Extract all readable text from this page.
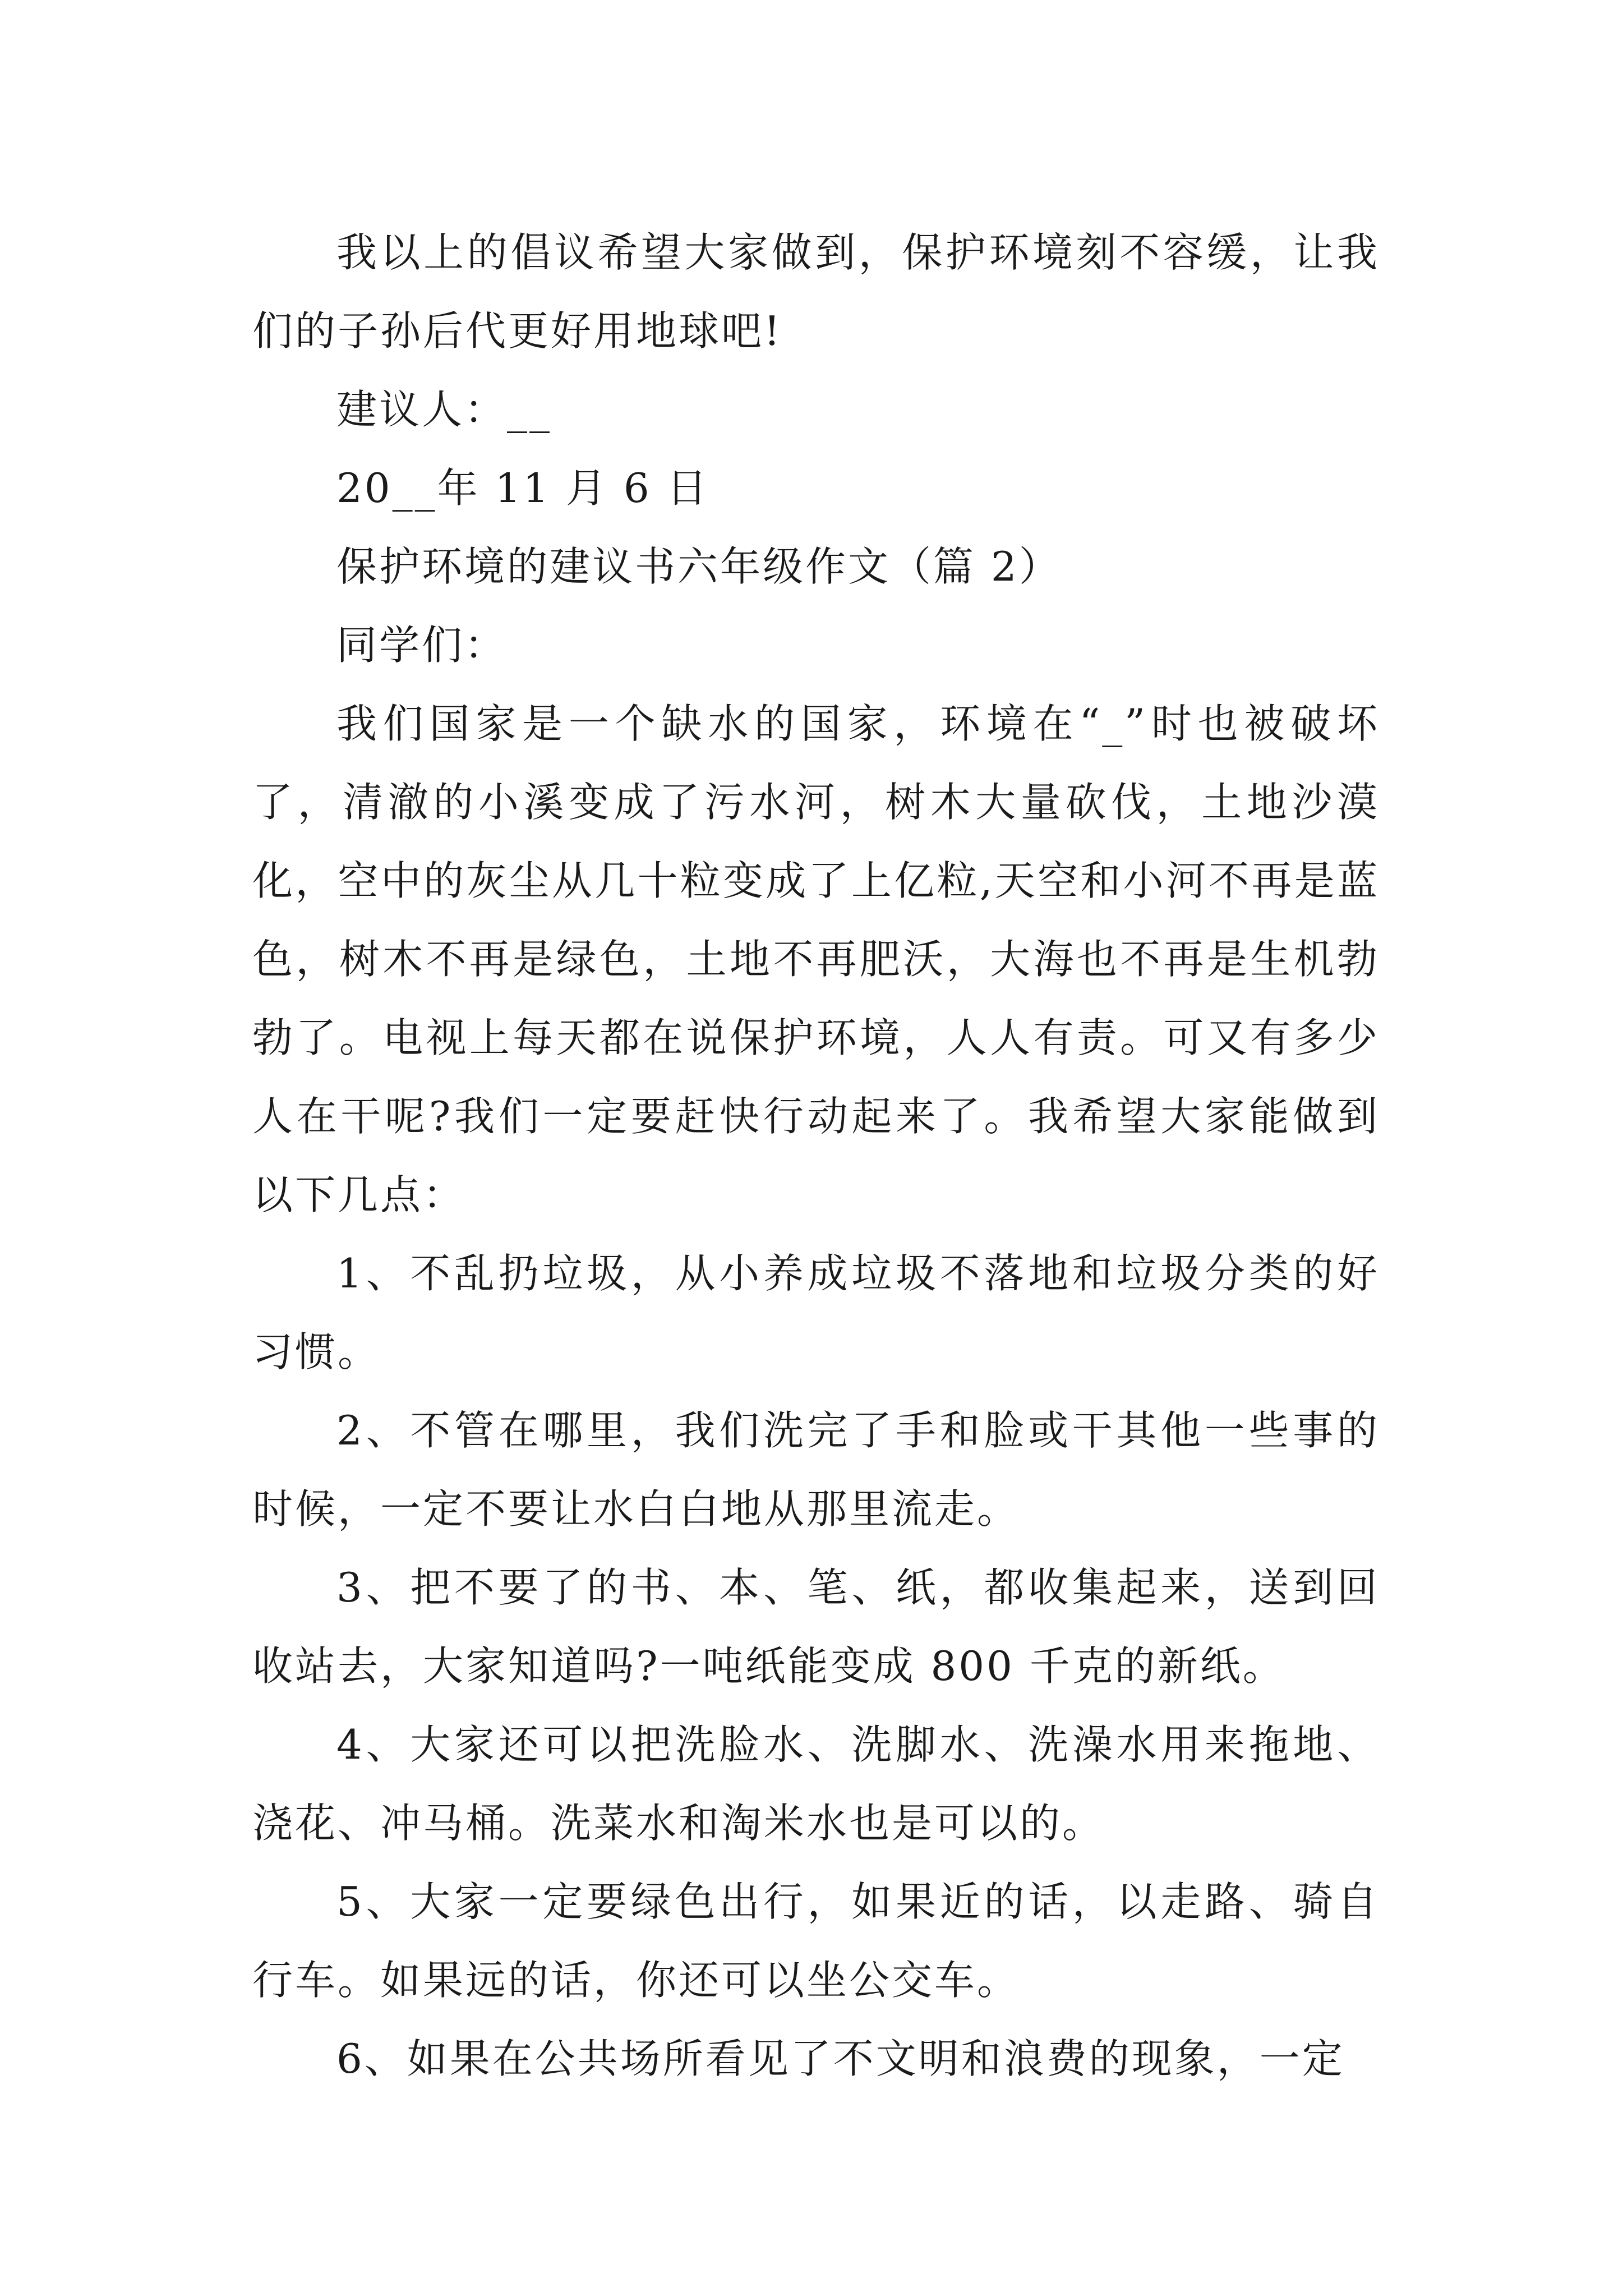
我以上的倡议希望大家做到，保护环境刻不容缓，让我们的子孙后代更好用地球吧!

建议人：__

20__年 11 月 6 日

保护环境的建议书六年级作文（篇 2）

同学们：

我们国家是一个缺水的国家，环境在“_”时也被破坏了，清澈的小溪变成了污水河，树木大量砍伐，土地沙漠化，空中的灰尘从几十粒变成了上亿粒,天空和小河不再是蓝色，树木不再是绿色，土地不再肥沃，大海也不再是生机勃勃了。电视上每天都在说保护环境，人人有责。可又有多少人在干呢?我们一定要赶快行动起来了。我希望大家能做到以下几点：

1、不乱扔垃圾，从小养成垃圾不落地和垃圾分类的好习惯。

2、不管在哪里，我们洗完了手和脸或干其他一些事的时候，一定不要让水白白地从那里流走。

3、把不要了的书、本、笔、纸，都收集起来，送到回收站去，大家知道吗?一吨纸能变成 800 千克的新纸。

4、大家还可以把洗脸水、洗脚水、洗澡水用来拖地、浇花、冲马桶。洗菜水和淘米水也是可以的。

5、大家一定要绿色出行，如果近的话，以走路、骑自行车。如果远的话，你还可以坐公交车。

6、如果在公共场所看见了不文明和浪费的现象，一定
